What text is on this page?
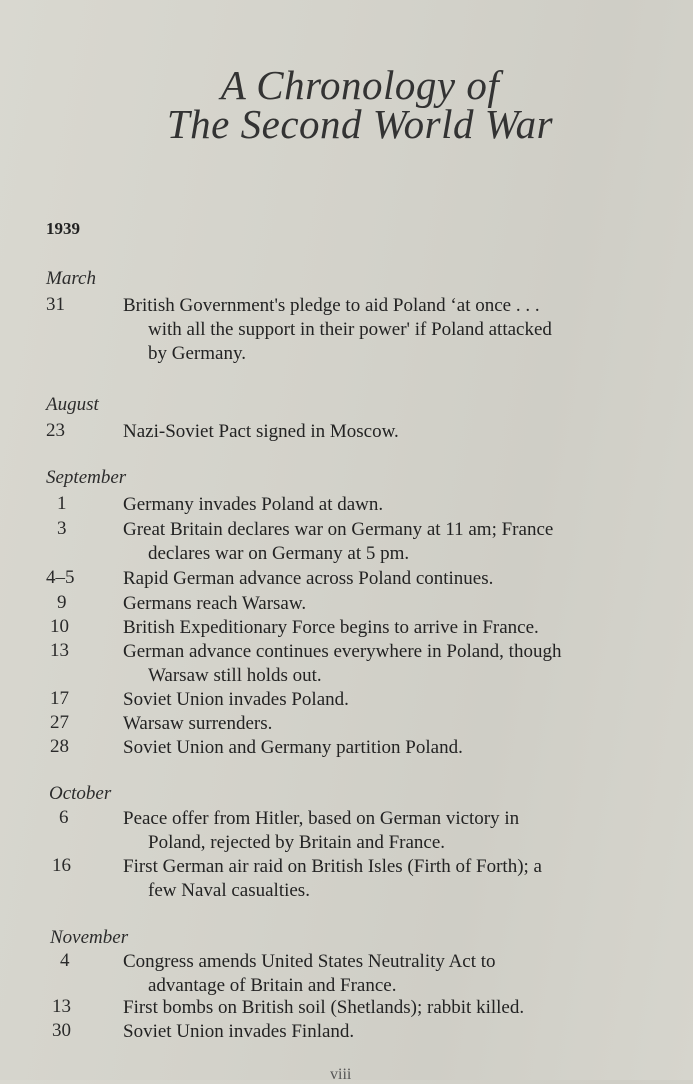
A Chronology of
The Second World War
1939
March
31	British Government's pledge to aid Poland ‘at once . . .
with all the support in their power' if Poland attacked
by Germany.
August
23	Nazi-Soviet Pact signed in Moscow.
September
1	Germany invades Poland at dawn.
3	Great Britain declares war on Germany at 11 am; France
declares war on Germany at 5 pm.
4–5	Rapid German advance across Poland continues.
9	Germans reach Warsaw.
10	British Expeditionary Force begins to arrive in France.
13	German advance continues everywhere in Poland, though
Warsaw still holds out.
17	Soviet Union invades Poland.
27	Warsaw surrenders.
28	Soviet Union and Germany partition Poland.
October
6	Peace offer from Hitler, based on German victory in
Poland, rejected by Britain and France.
16	First German air raid on British Isles (Firth of Forth); a
few Naval casualties.
November
4	Congress amends United States Neutrality Act to
advantage of Britain and France.
13	First bombs on British soil (Shetlands); rabbit killed.
30	Soviet Union invades Finland.
viii
